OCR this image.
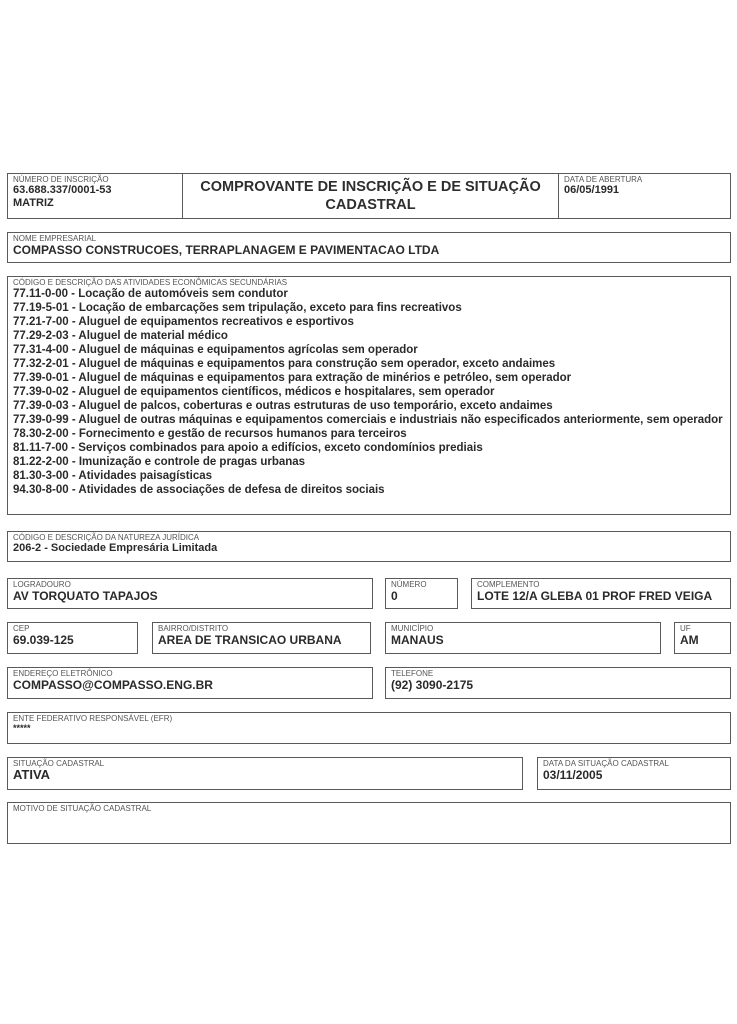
NÚMERO DE INSCRIÇÃO
63.688.337/0001-53
MATRIZ
COMPROVANTE DE INSCRIÇÃO E DE SITUAÇÃO
CADASTRAL
DATA DE ABERTURA
06/05/1991
NOME EMPRESARIAL
COMPASSO CONSTRUCOES, TERRAPLANAGEM E PAVIMENTACAO LTDA
CÓDIGO E DESCRIÇÃO DAS ATIVIDADES ECONÔMICAS SECUNDÁRIAS
77.11-0-00 - Locação de automóveis sem condutor
77.19-5-01 - Locação de embarcações sem tripulação, exceto para fins recreativos
77.21-7-00 - Aluguel de equipamentos recreativos e esportivos
77.29-2-03 - Aluguel de material médico
77.31-4-00 - Aluguel de máquinas e equipamentos agrícolas sem operador
77.32-2-01 - Aluguel de máquinas e equipamentos para construção sem operador, exceto andaimes
77.39-0-01 - Aluguel de máquinas e equipamentos para extração de minérios e petróleo, sem operador
77.39-0-02 - Aluguel de equipamentos científicos, médicos e hospitalares, sem operador
77.39-0-03 - Aluguel de palcos, coberturas e outras estruturas de uso temporário, exceto andaimes
77.39-0-99 - Aluguel de outras máquinas e equipamentos comerciais e industriais não especificados anteriormente, sem operador
78.30-2-00 - Fornecimento e gestão de recursos humanos para terceiros
81.11-7-00 - Serviços combinados para apoio a edifícios, exceto condomínios prediais
81.22-2-00 - Imunização e controle de pragas urbanas
81.30-3-00 - Atividades paisagísticas
94.30-8-00 - Atividades de associações de defesa de direitos sociais
CÓDIGO E DESCRIÇÃO DA NATUREZA JURÍDICA
206-2 - Sociedade Empresária Limitada
LOGRADOURO
AV TORQUATO TAPAJOS
NÚMERO
0
COMPLEMENTO
LOTE 12/A GLEBA 01 PROF FRED VEIGA
CEP
69.039-125
BAIRRO/DISTRITO
AREA DE TRANSICAO URBANA
MUNICÍPIO
MANAUS
UF
AM
ENDEREÇO ELETRÔNICO
COMPASSO@COMPASSO.ENG.BR
TELEFONE
(92) 3090-2175
ENTE FEDERATIVO RESPONSÁVEL (EFR)
*****
SITUAÇÃO CADASTRAL
ATIVA
DATA DA SITUAÇÃO CADASTRAL
03/11/2005
MOTIVO DE SITUAÇÃO CADASTRAL
